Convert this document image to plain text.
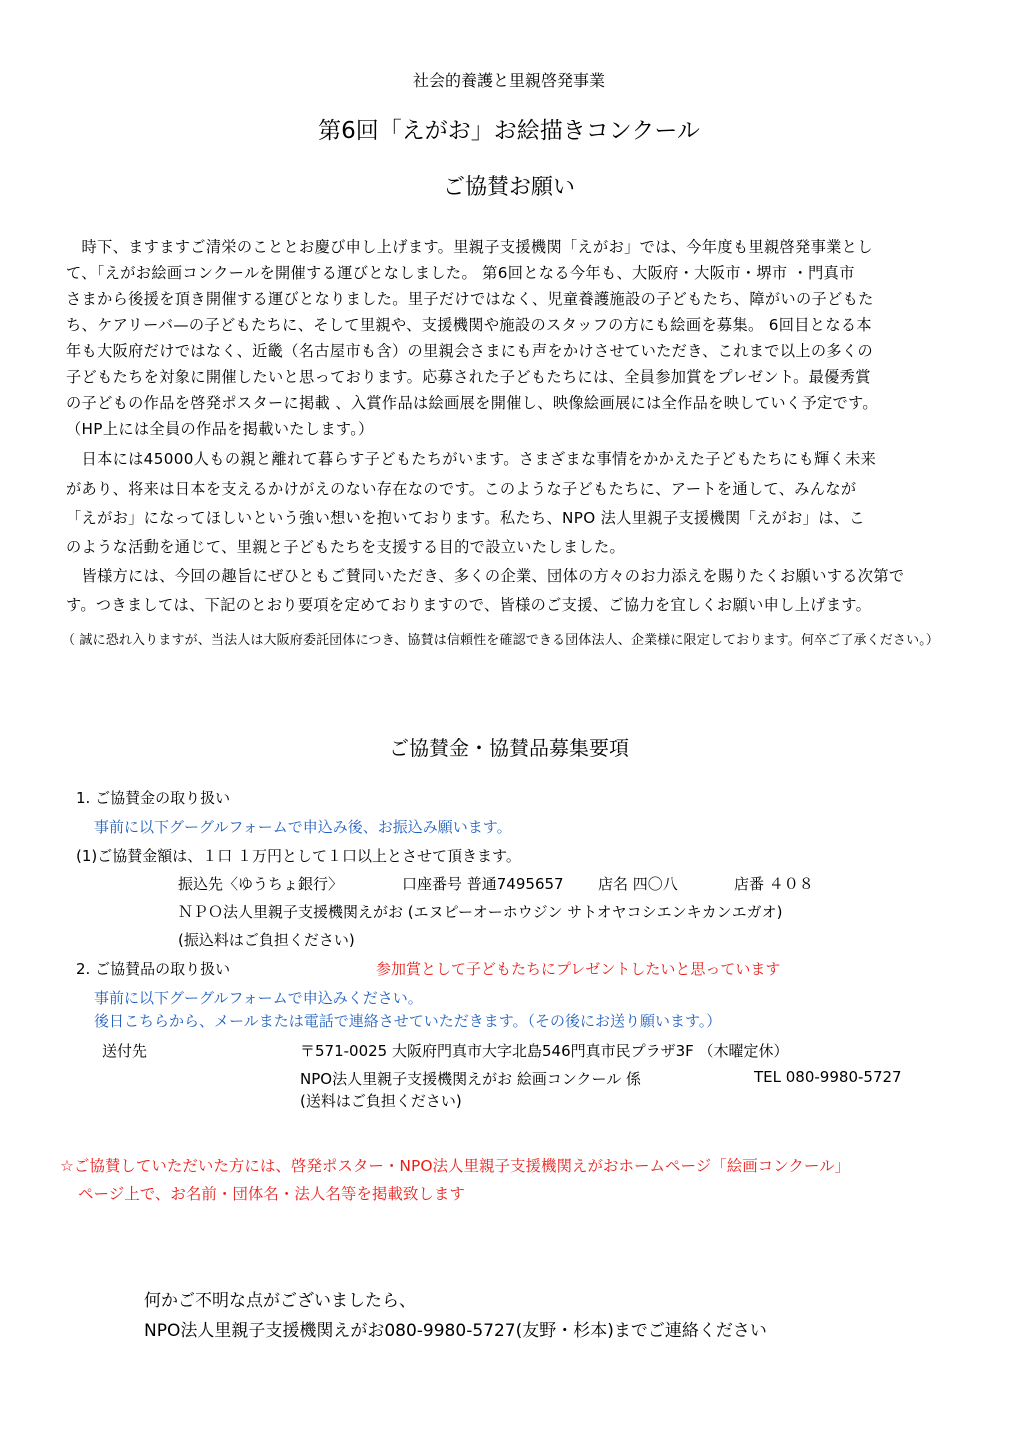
社会的養護と里親啓発事業
第6回「えがお」お絵描きコンクール
ご協賛お願い
　時下、ますますご清栄のこととお慶び申し上げます。里親子支援機関「えがお」では、今年度も里親啓発事業とし
て、「えがお絵画コンクールを開催する運びとなしました。 第6回となる今年も、大阪府・大阪市・堺市 ・門真市
さまから後援を頂き開催する運びとなりました。里子だけではなく、児童養護施設の子どもたち、障がいの子どもた
ち、ケアリーバ—の子どもたちに、そして里親や、支援機関や施設のスタッフの方にも絵画を募集。 6回目となる本
年も大阪府だけではなく、近畿（名古屋市も含）の里親会さまにも声をかけさせていただき、これまで以上の多くの
子どもたちを対象に開催したいと思っております。応募された子どもたちには、全員参加賞をプレゼント。最優秀賞
の子どもの作品を啓発ポスターに掲載 、入賞作品は絵画展を開催し、映像絵画展には全作品を映していく予定です。
（HP上には全員の作品を掲載いたします。）
　日本には45000人もの親と離れて暮らす子どもたちがいます。さまざまな事情をかかえた子どもたちにも輝く未来
があり、将来は日本を支えるかけがえのない存在なのです。このような子どもたちに、アートを通して、みんなが
「えがお」になってほしいという強い想いを抱いております。私たち、NPO 法人里親子支援機関「えがお」は、こ
のような活動を通じて、里親と子どもたちを支援する目的で設立いたしました。
　皆様方には、今回の趣旨にぜひともご賛同いただき、多くの企業、団体の方々のお力添えを賜りたくお願いする次第で
す。つきましては、下記のとおり要項を定めておりますので、皆様のご支援、ご協力を宜しくお願い申し上げます。
（ 誠に恐れ入りますが、当法人は大阪府委託団体につき、協賛は信頼性を確認できる団体法人、企業様に限定しております。何卒ご了承ください。）
ご協賛金・協賛品募集要項
1. ご協賛金の取り扱い
事前に以下グーグルフォームで申込み後、お振込み願います。
(1)ご協賛金額は、１口 １万円として１口以上とさせて頂きます。
振込先〈ゆうちょ銀行〉	口座番号 普通7495657 店名 四〇八	店番 ４０８
ＮＰＯ法人里親子支援機関えがお (エヌピーオーホウジン サトオヤコシエンキカンエガオ)
(振込料はご負担ください)
2. ご協賛品の取り扱い	参加賞として子どもたちにプレゼントしたいと思っています
事前に以下グーグルフォームで申込みください。
後日こちらから、メールまたは電話で連絡させていただきます。（その後にお送り願います。）
送付先	〒571-0025 大阪府門真市大字北島546門真市民プラザ3F （木曜定休）
NPO法人里親子支援機関えがお 絵画コンクール 係	TEL 080-9980-5727
(送料はご負担ください)
☆ご協賛していただいた方には、啓発ポスター・NPO法人里親子支援機関えがおホームページ「絵画コンクール」
ページ上で、お名前・団体名・法人名等を掲載致します
何かご不明な点がございましたら、
NPO法人里親子支援機関えがお080-9980-5727(友野・杉本)までご連絡ください
